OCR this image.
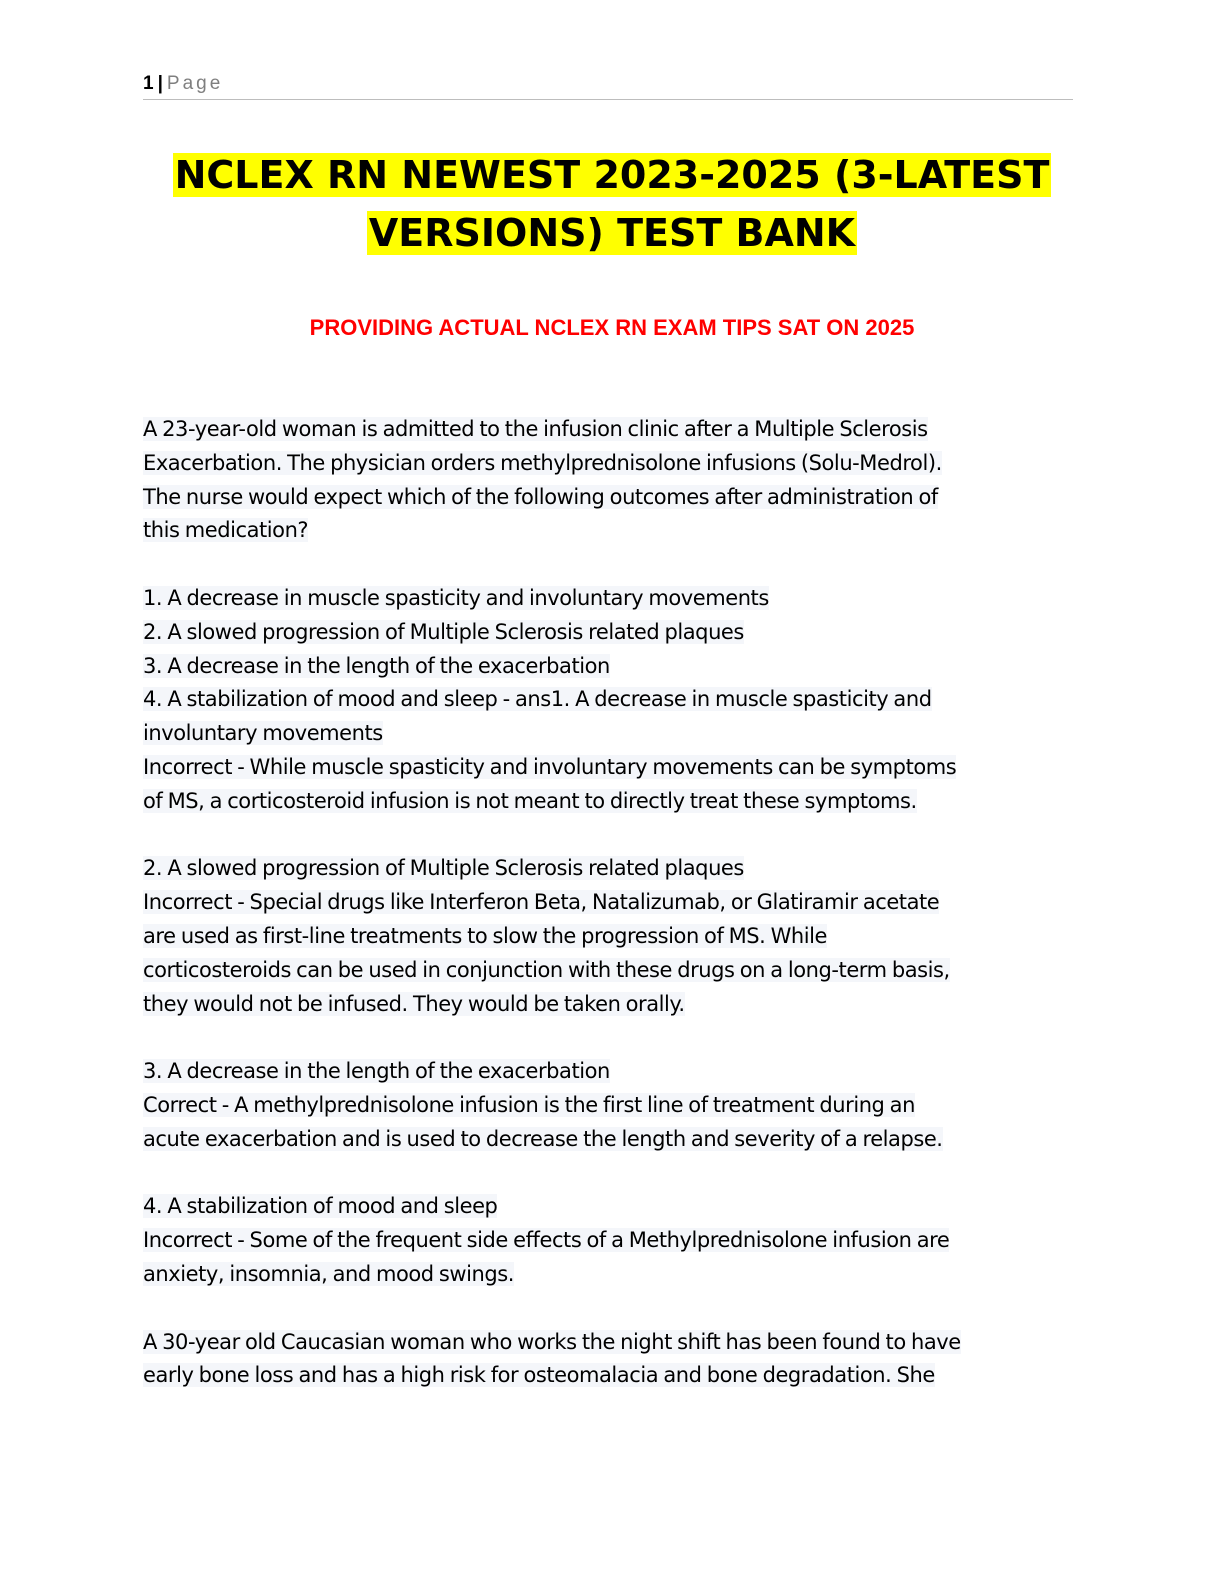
1 | Page
NCLEX RN NEWEST 2023-2025 (3-LATEST
VERSIONS) TEST BANK
PROVIDING ACTUAL NCLEX RN EXAM TIPS SAT ON 2025
A 23-year-old woman is admitted to the infusion clinic after a Multiple Sclerosis
Exacerbation. The physician orders methylprednisolone infusions (Solu-Medrol).
The nurse would expect which of the following outcomes after administration of
this medication?
1. A decrease in muscle spasticity and involuntary movements
2. A slowed progression of Multiple Sclerosis related plaques
3. A decrease in the length of the exacerbation
4. A stabilization of mood and sleep - ans1. A decrease in muscle spasticity and
involuntary movements
Incorrect - While muscle spasticity and involuntary movements can be symptoms
of MS, a corticosteroid infusion is not meant to directly treat these symptoms.
2. A slowed progression of Multiple Sclerosis related plaques
Incorrect - Special drugs like Interferon Beta, Natalizumab, or Glatiramir acetate
are used as first-line treatments to slow the progression of MS. While
corticosteroids can be used in conjunction with these drugs on a long-term basis,
they would not be infused. They would be taken orally.
3. A decrease in the length of the exacerbation
Correct - A methylprednisolone infusion is the first line of treatment during an
acute exacerbation and is used to decrease the length and severity of a relapse.
4. A stabilization of mood and sleep
Incorrect - Some of the frequent side effects of a Methylprednisolone infusion are
anxiety, insomnia, and mood swings.
A 30-year old Caucasian woman who works the night shift has been found to have
early bone loss and has a high risk for osteomalacia and bone degradation. She
